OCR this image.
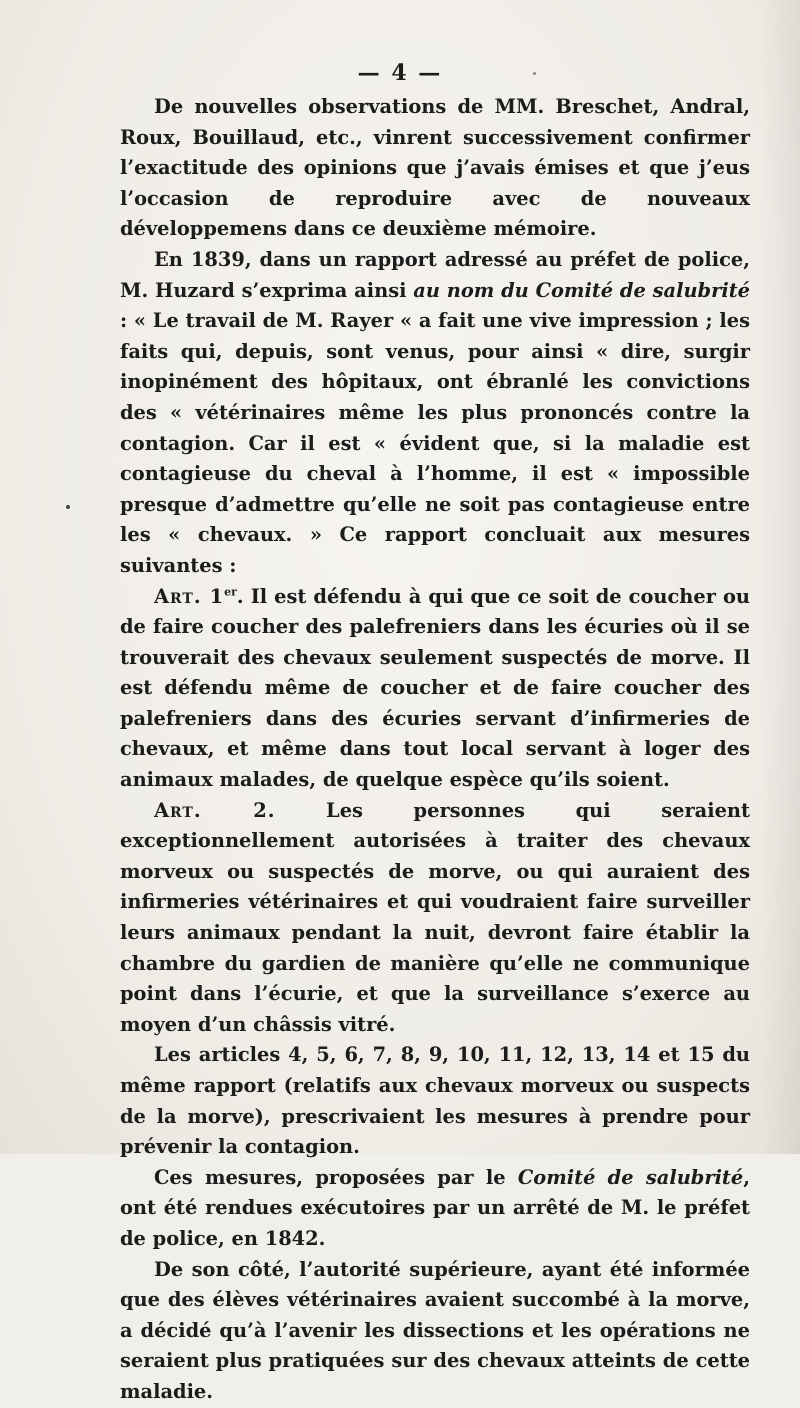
— 4 —

De nouvelles observations de MM. Breschet, Andral, Roux, Bouillaud, etc., vinrent successivement confirmer l’exactitude des opinions que j’avais émises et que j’eus l’occasion de reproduire avec de nouveaux développemens dans ce deuxième mémoire.

En 1839, dans un rapport adressé au préfet de police, M. Huzard s’exprima ainsi au nom du Comité de salubrité : « Le travail de M. Rayer « a fait une vive impression ; les faits qui, depuis, sont venus, pour ainsi « dire, surgir inopinément des hôpitaux, ont ébranlé les convictions des « vétérinaires même les plus prononcés contre la contagion. Car il est « évident que, si la maladie est contagieuse du cheval à l’homme, il est « impossible presque d’admettre qu’elle ne soit pas contagieuse entre les « chevaux. » Ce rapport concluait aux mesures suivantes :

Art. 1er. Il est défendu à qui que ce soit de coucher ou de faire coucher des palefreniers dans les écuries où il se trouverait des chevaux seulement suspectés de morve. Il est défendu même de coucher et de faire coucher des palefreniers dans des écuries servant d’infirmeries de chevaux, et même dans tout local servant à loger des animaux malades, de quelque espèce qu’ils soient.

Art. 2. Les personnes qui seraient exceptionnellement autorisées à traiter des chevaux morveux ou suspectés de morve, ou qui auraient des infirmeries vétérinaires et qui voudraient faire surveiller leurs animaux pendant la nuit, devront faire établir la chambre du gardien de manière qu’elle ne communique point dans l’écurie, et que la surveillance s’exerce au moyen d’un châssis vitré.

Les articles 4, 5, 6, 7, 8, 9, 10, 11, 12, 13, 14 et 15 du même rapport (relatifs aux chevaux morveux ou suspects de la morve), prescrivaient les mesures à prendre pour prévenir la contagion.

Ces mesures, proposées par le Comité de salubrité, ont été rendues exécutoires par un arrêté de M. le préfet de police, en 1842.

De son côté, l’autorité supérieure, ayant été informée que des élèves vétérinaires avaient succombé à la morve, a décidé qu’à l’avenir les dissections et les opérations ne seraient plus pratiquées sur des chevaux atteints de cette maladie.
